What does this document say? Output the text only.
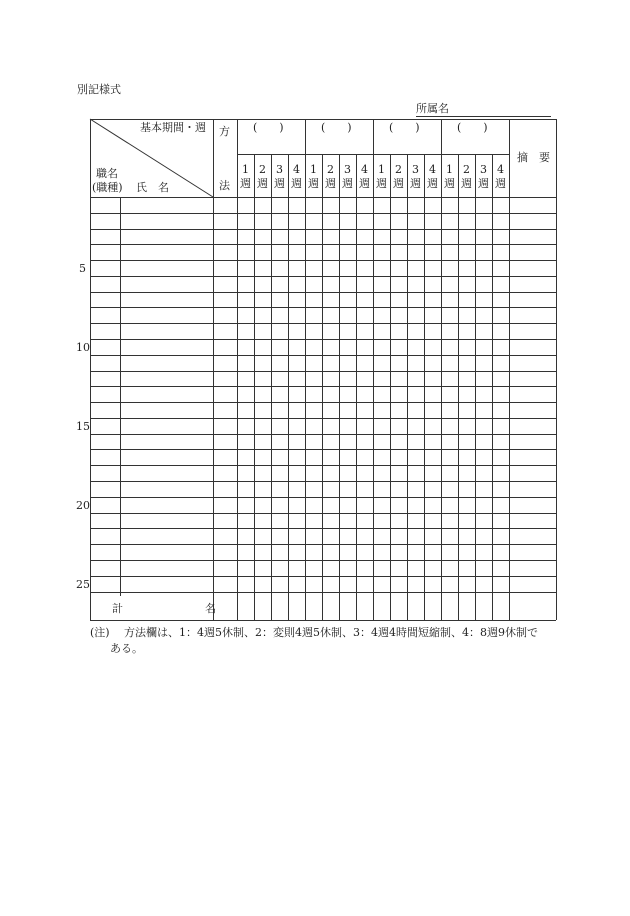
別記様式
所属名
基本期間・週
職名
(職種) 氏　名
方
法
摘　要
(　　)
1
週
2
週
3
週
4
週
(　　)
1
週
2
週
3
週
4
週
(　　)
1
週
2
週
3
週
4
週
(　　)
1
週
2
週
3
週
4
週
5
10
15
20
25
計	名
(注) 方法欄は、1：4週5休制、2：変則4週5休制、3：4週4時間短縮制、4：8週9休制で
ある。
